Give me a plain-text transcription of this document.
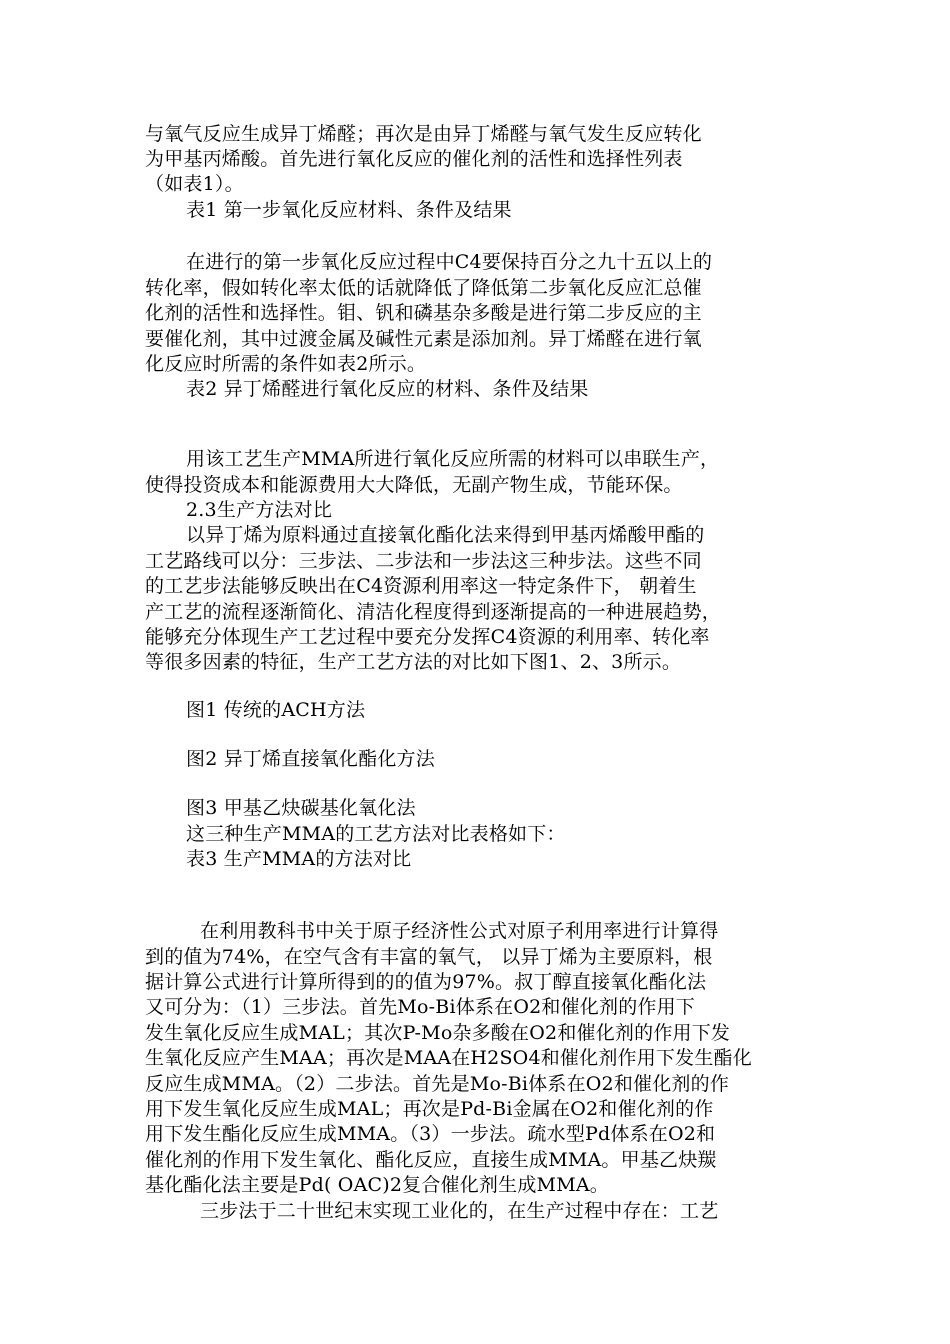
与氧气反应生成异丁烯醛；再次是由异丁烯醛与氧气发生反应转化
为甲基丙烯酸。首先进行氧化反应的催化剂的活性和选择性列表
（如表1）。
表1 第一步氧化反应材料、条件及结果
在进行的第一步氧化反应过程中C4要保持百分之九十五以上的
转化率，假如转化率太低的话就降低了降低第二步氧化反应汇总催
化剂的活性和选择性。钼、钒和磷基杂多酸是进行第二步反应的主
要催化剂，其中过渡金属及碱性元素是添加剂。异丁烯醛在进行氧
化反应时所需的条件如表2所示。
表2 异丁烯醛进行氧化反应的材料、条件及结果
用该工艺生产MMA所进行氧化反应所需的材料可以串联生产，
使得投资成本和能源费用大大降低，无副产物生成，节能环保。
2.3生产方法对比
以异丁烯为原料通过直接氧化酯化法来得到甲基丙烯酸甲酯的
工艺路线可以分：三步法、二步法和一步法这三种步法。这些不同
的工艺步法能够反映出在C4资源利用率这一特定条件下， 朝着生
产工艺的流程逐渐简化、清洁化程度得到逐渐提高的一种进展趋势，
能够充分体现生产工艺过程中要充分发挥C4资源的利用率、转化率
等很多因素的特征，生产工艺方法的对比如下图1、2、3所示。
图1 传统的ACH方法
图2 异丁烯直接氧化酯化方法
图3 甲基乙炔碳基化氧化法
这三种生产MMA的工艺方法对比表格如下：
表3 生产MMA的方法对比
在利用教科书中关于原子经济性公式对原子利用率进行计算得
到的值为74%，在空气含有丰富的氧气， 以异丁烯为主要原料，根
据计算公式进行计算所得到的的值为97%。叔丁醇直接氧化酯化法
又可分为：（1）三步法。首先Mo-Bi体系在O2和催化剂的作用下
发生氧化反应生成MAL；其次P-Mo杂多酸在O2和催化剂的作用下发
生氧化反应产生MAA；再次是MAA在H2SO4和催化剂作用下发生酯化
反应生成MMA。（2）二步法。首先是Mo-Bi体系在O2和催化剂的作
用下发生氧化反应生成MAL；再次是Pd-Bi金属在O2和催化剂的作
用下发生酯化反应生成MMA。（3）一步法。疏水型Pd体系在O2和
催化剂的作用下发生氧化、酯化反应，直接生成MMA。甲基乙炔羰
基化酯化法主要是Pd( OAC)2复合催化剂生成MMA。
三步法于二十世纪末实现工业化的，在生产过程中存在：工艺
